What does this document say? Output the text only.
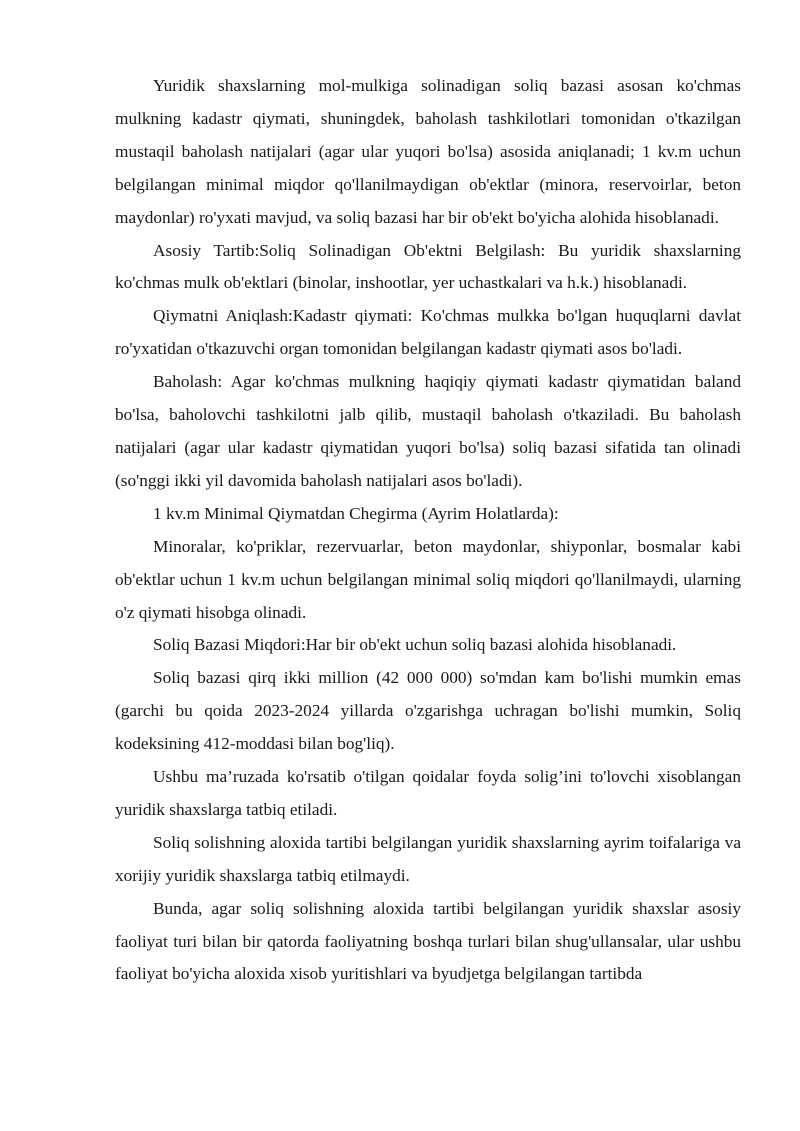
Yuridik shaxslarning mol-mulkiga solinadigan soliq bazasi asosan ko'chmas mulkning kadastr qiymati, shuningdek, baholash tashkilotlari tomonidan o'tkazilgan mustaqil baholash natijalari (agar ular yuqori bo'lsa) asosida aniqlanadi; 1 kv.m uchun belgilangan minimal miqdor qo'llanilmaydigan ob'ektlar (minora, reservoirlar, beton maydonlar) ro'yxati mavjud, va soliq bazasi har bir ob'ekt bo'yicha alohida hisoblanadi.

Asosiy Tartib:Soliq Solinadigan Ob'ektni Belgilash: Bu yuridik shaxslarning ko'chmas mulk ob'ektlari (binolar, inshootlar, yer uchastkalari va h.k.) hisoblanadi.

Qiymatni Aniqlash:Kadastr qiymati: Ko'chmas mulkka bo'lgan huquqlarni davlat ro'yxatidan o'tkazuvchi organ tomonidan belgilangan kadastr qiymati asos bo'ladi.

Baholash: Agar ko'chmas mulkning haqiqiy qiymati kadastr qiymatidan baland bo'lsa, baholovchi tashkilotni jalb qilib, mustaqil baholash o'tkaziladi. Bu baholash natijalari (agar ular kadastr qiymatidan yuqori bo'lsa) soliq bazasi sifatida tan olinadi (so'nggi ikki yil davomida baholash natijalari asos bo'ladi).

1 kv.m Minimal Qiymatdan Chegirma (Ayrim Holatlarda):

Minoralar, ko'priklar, rezervuarlar, beton maydonlar, shiyponlar, bosmalar kabi ob'ektlar uchun 1 kv.m uchun belgilangan minimal soliq miqdori qo'llanilmaydi, ularning o'z qiymati hisobga olinadi.

Soliq Bazasi Miqdori:Har bir ob'ekt uchun soliq bazasi alohida hisoblanadi.

Soliq bazasi qirq ikki million (42 000 000) so'mdan kam bo'lishi mumkin emas (garchi bu qoida 2023-2024 yillarda o'zgarishga uchragan bo'lishi mumkin, Soliq kodeksining 412-moddasi bilan bog'liq).

Ushbu ma’ruzada ko'rsatib o'tilgan qoidalar foyda solig’ini to'lovchi xisoblangan yuridik shaxslarga tatbiq etiladi.

Soliq solishning aloxida tartibi belgilangan yuridik shaxslarning ayrim toifalariga va xorijiy yuridik shaxslarga tatbiq etilmaydi.

Bunda, agar soliq solishning aloxida tartibi belgilangan yuridik shaxslar asosiy faoliyat turi bilan bir qatorda faoliyatning boshqa turlari bilan shug'ullansalar, ular ushbu faoliyat bo'yicha aloxida xisob yuritishlari va byudjetga belgilangan tartibda
